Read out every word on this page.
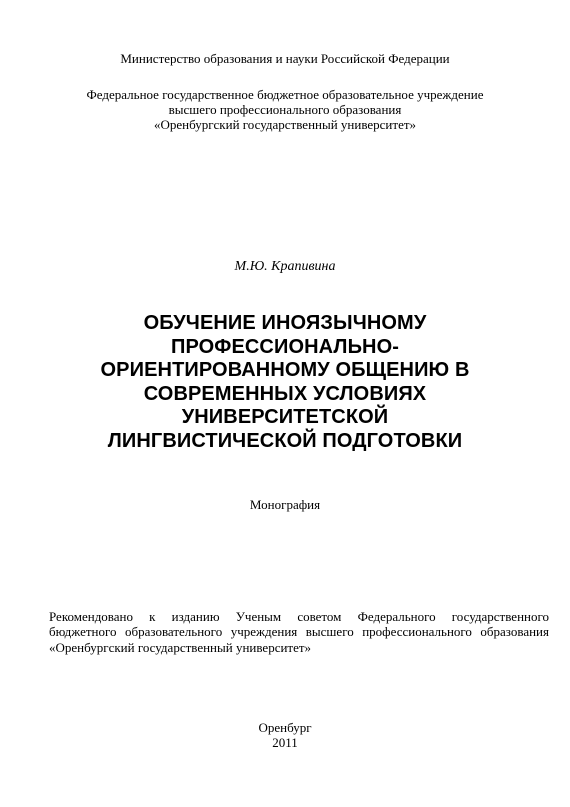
Министерство образования и науки Российской Федерации
Федеральное государственное бюджетное образовательное учреждение
высшего профессионального образования
«Оренбургский государственный университет»
М.Ю. Крапивина
ОБУЧЕНИЕ ИНОЯЗЫЧНОМУ
ПРОФЕССИОНАЛЬНО-
ОРИЕНТИРОВАННОМУ ОБЩЕНИЮ В
СОВРЕМЕННЫХ УСЛОВИЯХ
УНИВЕРСИТЕТСКОЙ
ЛИНГВИСТИЧЕСКОЙ ПОДГОТОВКИ
Монография
Рекомендовано к изданию Ученым советом Федерального государственного
бюджетного образовательного учреждения высшего профессионального образования
«Оренбургский государственный университет»
Оренбург
2011
